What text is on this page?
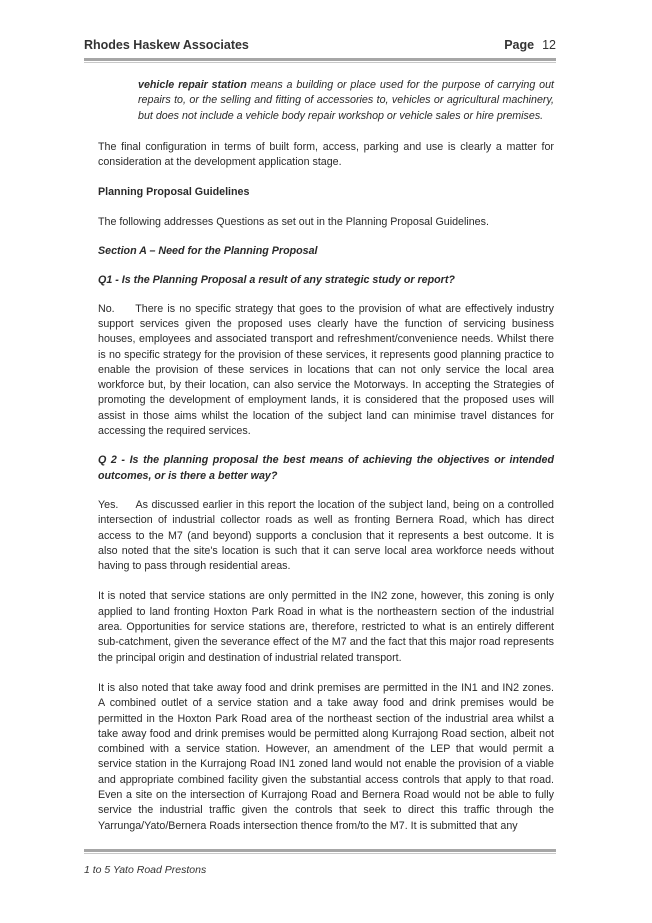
Rhodes Haskew Associates	Page 12

vehicle repair station means a building or place used for the purpose of carrying out repairs to, or the selling and fitting of accessories to, vehicles or agricultural machinery, but does not include a vehicle body repair workshop or vehicle sales or hire premises.

The final configuration in terms of built form, access, parking and use is clearly a matter for consideration at the development application stage.

Planning Proposal Guidelines

The following addresses Questions as set out in the Planning Proposal Guidelines.

Section A – Need for the Planning Proposal

Q1 - Is the Planning Proposal a result of any strategic study or report?

No.     There is no specific strategy that goes to the provision of what are effectively industry support services given the proposed uses clearly have the function of servicing business houses, employees and associated transport and refreshment/convenience needs. Whilst there is no specific strategy for the provision of these services, it represents good planning practice to enable the provision of these services in locations that can not only service the local area workforce but, by their location, can also service the Motorways. In accepting the Strategies of promoting the development of employment lands, it is considered that the proposed uses will assist in those aims whilst the location of the subject land can minimise travel distances for accessing the required services.

Q 2 - Is the planning proposal the best means of achieving the objectives or intended outcomes, or is there a better way?

Yes.     As discussed earlier in this report the location of the subject land, being on a controlled intersection of industrial collector roads as well as fronting Bernera Road, which has direct access to the M7 (and beyond) supports a conclusion that it represents a best outcome. It is also noted that the site's location is such that it can serve local area workforce needs without having to pass through residential areas.

It is noted that service stations are only permitted in the IN2 zone, however, this zoning is only applied to land fronting Hoxton Park Road in what is the northeastern section of the industrial area. Opportunities for service stations are, therefore, restricted to what is an entirely different sub-catchment, given the severance effect of the M7 and the fact that this major road represents the principal origin and destination of industrial related transport.

It is also noted that take away food and drink premises are permitted in the IN1 and IN2 zones. A combined outlet of a service station and a take away food and drink premises would be permitted in the Hoxton Park Road area of the northeast section of the industrial area whilst a take away food and drink premises would be permitted along Kurrajong Road section, albeit not combined with a service station. However, an amendment of the LEP that would permit a service station in the Kurrajong Road IN1 zoned land would not enable the provision of a viable and appropriate combined facility given the substantial access controls that apply to that road. Even a site on the intersection of Kurrajong Road and Bernera Road would not be able to fully service the industrial traffic given the controls that seek to direct this traffic through the Yarrunga/Yato/Bernera Roads intersection thence from/to the M7. It is submitted that any

1 to 5 Yato Road Prestons
